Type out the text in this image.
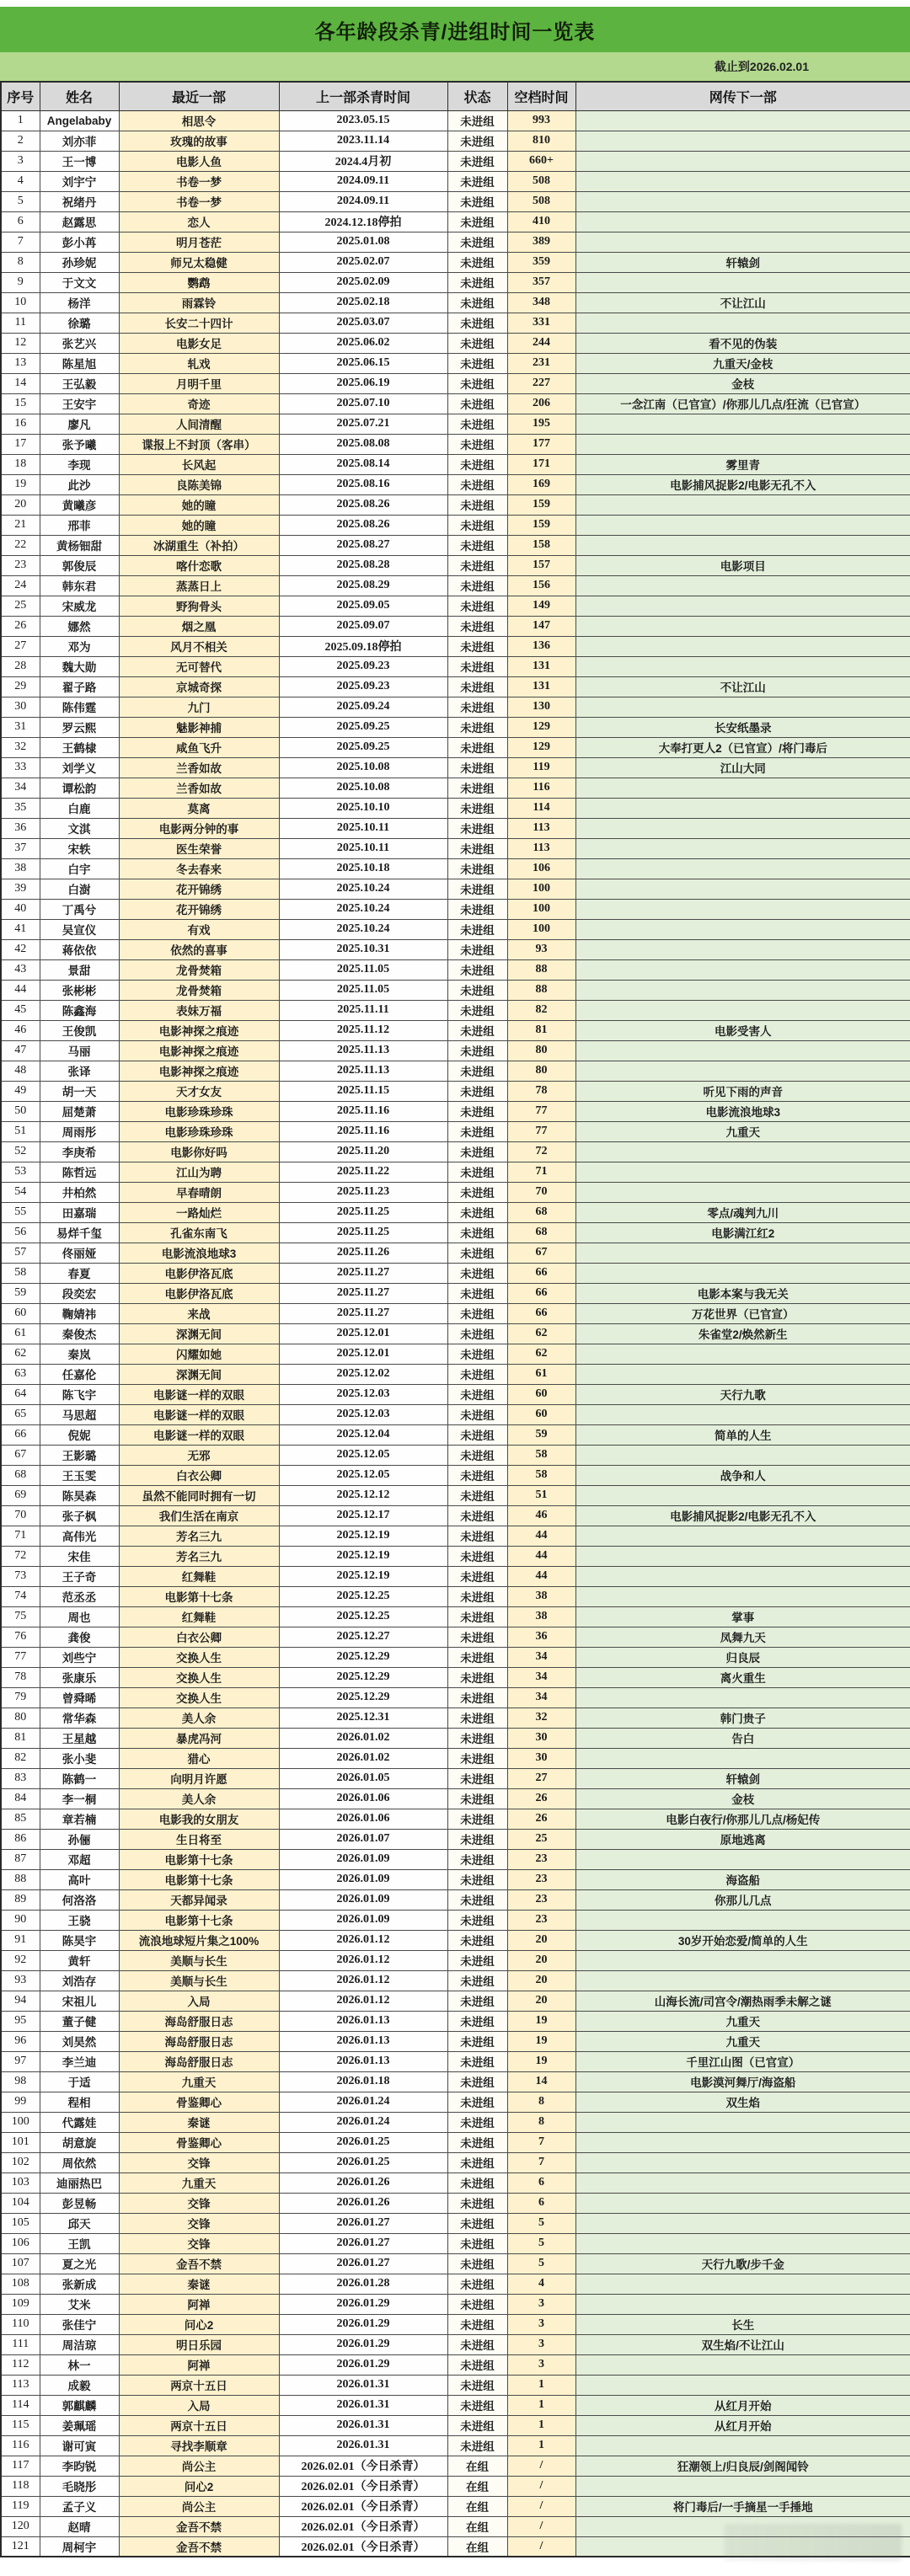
各年龄段杀青/进组时间一览表
截止到2026.02.01
序号	姓名	最近一部	上一部杀青时间	状态	空档时间	网传下一部
1	Angelababy	相思令	2023.05.15	未进组	993	
2	刘亦菲	玫瑰的故事	2023.11.14	未进组	810	
3	王一博	电影人鱼	2024.4月初	未进组	660+	
4	刘宇宁	书卷一梦	2024.09.11	未进组	508	
5	祝绪丹	书卷一梦	2024.09.11	未进组	508	
6	赵露思	恋人	2024.12.18停拍	未进组	410	
7	彭小苒	明月苍茫	2025.01.08	未进组	389	
8	孙珍妮	师兄太稳健	2025.02.07	未进组	359	轩辕剑
9	于文文	鹦鹉	2025.02.09	未进组	357	
10	杨洋	雨霖铃	2025.02.18	未进组	348	不让江山
11	徐璐	长安二十四计	2025.03.07	未进组	331	
12	张艺兴	电影女足	2025.06.02	未进组	244	看不见的伪装
13	陈星旭	轧戏	2025.06.15	未进组	231	九重天/金枝
14	王弘毅	月明千里	2025.06.19	未进组	227	金枝
15	王安宇	奇迹	2025.07.10	未进组	206	一念江南（已官宣）/你那儿几点/狂流（已官宣）
16	廖凡	人间清醒	2025.07.21	未进组	195	
17	张予曦	谍报上不封顶（客串）	2025.08.08	未进组	177	
18	李现	长风起	2025.08.14	未进组	171	雾里青
19	此沙	良陈美锦	2025.08.16	未进组	169	电影捕风捉影2/电影无孔不入
20	黄曦彦	她的瞳	2025.08.26	未进组	159	
21	邢菲	她的瞳	2025.08.26	未进组	159	
22	黄杨钿甜	冰湖重生（补拍）	2025.08.27	未进组	158	
23	郭俊辰	喀什恋歌	2025.08.28	未进组	157	电影项目
24	韩东君	蒸蒸日上	2025.08.29	未进组	156	
25	宋威龙	野狗骨头	2025.09.05	未进组	149	
26	娜然	烟之凰	2025.09.07	未进组	147	
27	邓为	风月不相关	2025.09.18停拍	未进组	136	
28	魏大勋	无可替代	2025.09.23	未进组	131	
29	翟子路	京城奇探	2025.09.23	未进组	131	不让江山
30	陈伟霆	九门	2025.09.24	未进组	130	
31	罗云熙	魅影神捕	2025.09.25	未进组	129	长安纸墨录
32	王鹤棣	咸鱼飞升	2025.09.25	未进组	129	大奉打更人2（已官宣）/将门毒后
33	刘学义	兰香如故	2025.10.08	未进组	119	江山大同
34	谭松韵	兰香如故	2025.10.08	未进组	116	
35	白鹿	莫离	2025.10.10	未进组	114	
36	文淇	电影两分钟的事	2025.10.11	未进组	113	
37	宋轶	医生荣誉	2025.10.11	未进组	113	
38	白宇	冬去春来	2025.10.18	未进组	106	
39	白澍	花开锦绣	2025.10.24	未进组	100	
40	丁禹兮	花开锦绣	2025.10.24	未进组	100	
41	吴宣仪	有戏	2025.10.24	未进组	100	
42	蒋依依	依然的喜事	2025.10.31	未进组	93	
43	景甜	龙骨焚箱	2025.11.05	未进组	88	
44	张彬彬	龙骨焚箱	2025.11.05	未进组	88	
45	陈鑫海	表妹万福	2025.11.11	未进组	82	
46	王俊凯	电影神探之痕迹	2025.11.12	未进组	81	电影受害人
47	马丽	电影神探之痕迹	2025.11.13	未进组	80	
48	张译	电影神探之痕迹	2025.11.13	未进组	80	
49	胡一天	天才女友	2025.11.15	未进组	78	听见下雨的声音
50	屈楚萧	电影珍珠珍珠	2025.11.16	未进组	77	电影流浪地球3
51	周雨彤	电影珍珠珍珠	2025.11.16	未进组	77	九重天
52	李庚希	电影你好吗	2025.11.20	未进组	72	
53	陈哲远	江山为聘	2025.11.22	未进组	71	
54	井柏然	早春晴朗	2025.11.23	未进组	70	
55	田嘉瑞	一路灿烂	2025.11.25	未进组	68	零点/魂判九川
56	易烊千玺	孔雀东南飞	2025.11.25	未进组	68	电影满江红2
57	佟丽娅	电影流浪地球3	2025.11.26	未进组	67	
58	春夏	电影伊洛瓦底	2025.11.27	未进组	66	
59	段奕宏	电影伊洛瓦底	2025.11.27	未进组	66	电影本案与我无关
60	鞠婧祎	来战	2025.11.27	未进组	66	万花世界（已官宣）
61	秦俊杰	深渊无间	2025.12.01	未进组	62	朱雀堂2/焕然新生
62	秦岚	闪耀如她	2025.12.01	未进组	62	
63	任嘉伦	深渊无间	2025.12.02	未进组	61	
64	陈飞宇	电影谜一样的双眼	2025.12.03	未进组	60	天行九歌
65	马思超	电影谜一样的双眼	2025.12.03	未进组	60	
66	倪妮	电影谜一样的双眼	2025.12.04	未进组	59	简单的人生
67	王影璐	无邪	2025.12.05	未进组	58	
68	王玉雯	白衣公卿	2025.12.05	未进组	58	战争和人
69	陈昊森	虽然不能同时拥有一切	2025.12.12	未进组	51	
70	张子枫	我们生活在南京	2025.12.17	未进组	46	电影捕风捉影2/电影无孔不入
71	高伟光	芳名三九	2025.12.19	未进组	44	
72	宋佳	芳名三九	2025.12.19	未进组	44	
73	王子奇	红舞鞋	2025.12.19	未进组	44	
74	范丞丞	电影第十七条	2025.12.25	未进组	38	
75	周也	红舞鞋	2025.12.25	未进组	38	掌事
76	龚俊	白衣公卿	2025.12.27	未进组	36	凤舞九天
77	刘些宁	交换人生	2025.12.29	未进组	34	归良辰
78	张康乐	交换人生	2025.12.29	未进组	34	离火重生
79	曾舜晞	交换人生	2025.12.29	未进组	34	
80	常华森	美人余	2025.12.31	未进组	32	韩门贵子
81	王星越	暴虎冯河	2026.01.02	未进组	30	告白
82	张小斐	猎心	2026.01.02	未进组	30	
83	陈鹤一	向明月许愿	2026.01.05	未进组	27	轩辕剑
84	李一桐	美人余	2026.01.06	未进组	26	金枝
85	章若楠	电影我的女朋友	2026.01.06	未进组	26	电影白夜行/你那儿几点/杨妃传
86	孙俪	生日将至	2026.01.07	未进组	25	原地逃离
87	邓超	电影第十七条	2026.01.09	未进组	23	
88	高叶	电影第十七条	2026.01.09	未进组	23	海盗船
89	何洛洛	天都异闻录	2026.01.09	未进组	23	你那儿几点
90	王骁	电影第十七条	2026.01.09	未进组	23	
91	陈昊宇	流浪地球短片集之100%	2026.01.12	未进组	20	30岁开始恋爱/简单的人生
92	黄轩	美顺与长生	2026.01.12	未进组	20	
93	刘浩存	美顺与长生	2026.01.12	未进组	20	
94	宋祖儿	入局	2026.01.12	未进组	20	山海长流/司宫令/潮热雨季未解之谜
95	董子健	海岛舒服日志	2026.01.13	未进组	19	九重天
96	刘昊然	海岛舒服日志	2026.01.13	未进组	19	九重天
97	李兰迪	海岛舒服日志	2026.01.13	未进组	19	千里江山图（已官宣）
98	于适	九重天	2026.01.18	未进组	14	电影漠河舞厅/海盗船
99	程相	骨鉴卿心	2026.01.24	未进组	8	双生焰
100	代露娃	秦谜	2026.01.24	未进组	8	
101	胡意旋	骨鉴卿心	2026.01.25	未进组	7	
102	周依然	交锋	2026.01.25	未进组	7	
103	迪丽热巴	九重天	2026.01.26	未进组	6	
104	彭昱畅	交锋	2026.01.26	未进组	6	
105	邱天	交锋	2026.01.27	未进组	5	
106	王凯	交锋	2026.01.27	未进组	5	
107	夏之光	金吾不禁	2026.01.27	未进组	5	天行九歌/步千金
108	张新成	秦谜	2026.01.28	未进组	4	
109	艾米	阿禅	2026.01.29	未进组	3	
110	张佳宁	问心2	2026.01.29	未进组	3	长生
111	周洁琼	明日乐园	2026.01.29	未进组	3	双生焰/不让江山
112	林一	阿禅	2026.01.29	未进组	3	
113	成毅	两京十五日	2026.01.31	未进组	1	
114	郭麒麟	入局	2026.01.31	未进组	1	从红月开始
115	姜珮瑶	两京十五日	2026.01.31	未进组	1	从红月开始
116	谢可寅	寻找李顺章	2026.01.31	未进组	1	
117	李昀锐	尚公主	2026.02.01（今日杀青）	在组	/	狂潮领上/归良辰/剑阁闻铃
118	毛晓彤	问心2	2026.02.01（今日杀青）	在组	/	
119	孟子义	尚公主	2026.02.01（今日杀青）	在组	/	将门毒后/一手摘星一手捶地
120	赵晴	金吾不禁	2026.02.01（今日杀青）	在组	/	
121	周柯宇	金吾不禁	2026.02.01（今日杀青）	在组	/	
